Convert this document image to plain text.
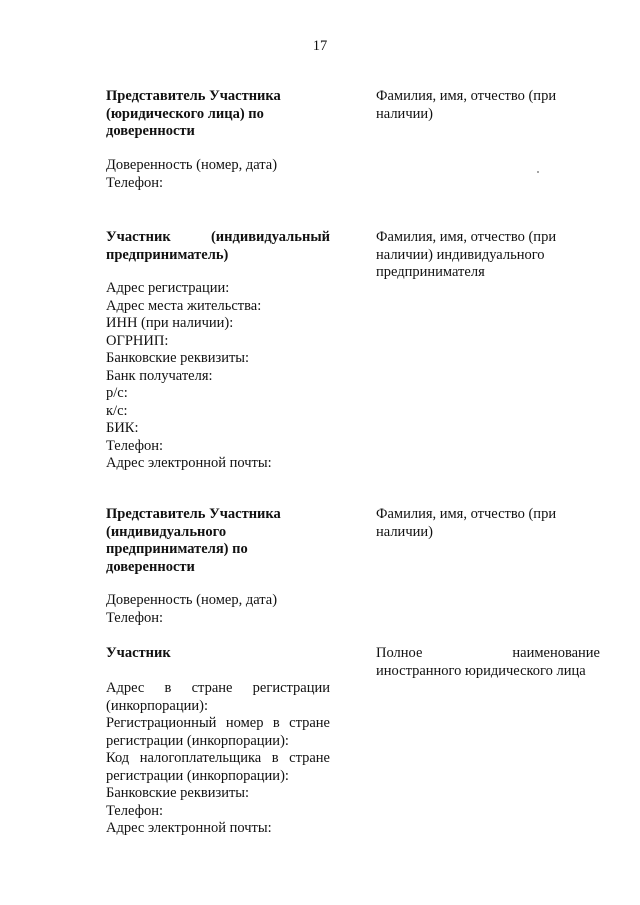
17
Представитель Участника
(юридического лица) по
доверенности
Фамилия, имя, отчество (при
наличии)
Доверенность (номер, дата)
Телефон:
Участник (индивидуальный
предприниматель)
Фамилия, имя, отчество (при
наличии) индивидуального
предпринимателя
Адрес регистрации:
Адрес места жительства:
ИНН (при наличии):
ОГРНИП:
Банковские реквизиты:
Банк получателя:
р/с:
к/с:
БИК:
Телефон:
Адрес электронной почты:
Представитель Участника
(индивидуального
предпринимателя) по
доверенности
Фамилия, имя, отчество (при
наличии)
Доверенность (номер, дата)
Телефон:
Участник	Полное наименование
иностранного юридического лица
Адрес в стране регистрации
(инкорпорации):
Регистрационный номер в стране
регистрации (инкорпорации):
Код налогоплательщика в стране
регистрации (инкорпорации):
Банковские реквизиты:
Телефон:
Адрес электронной почты:
